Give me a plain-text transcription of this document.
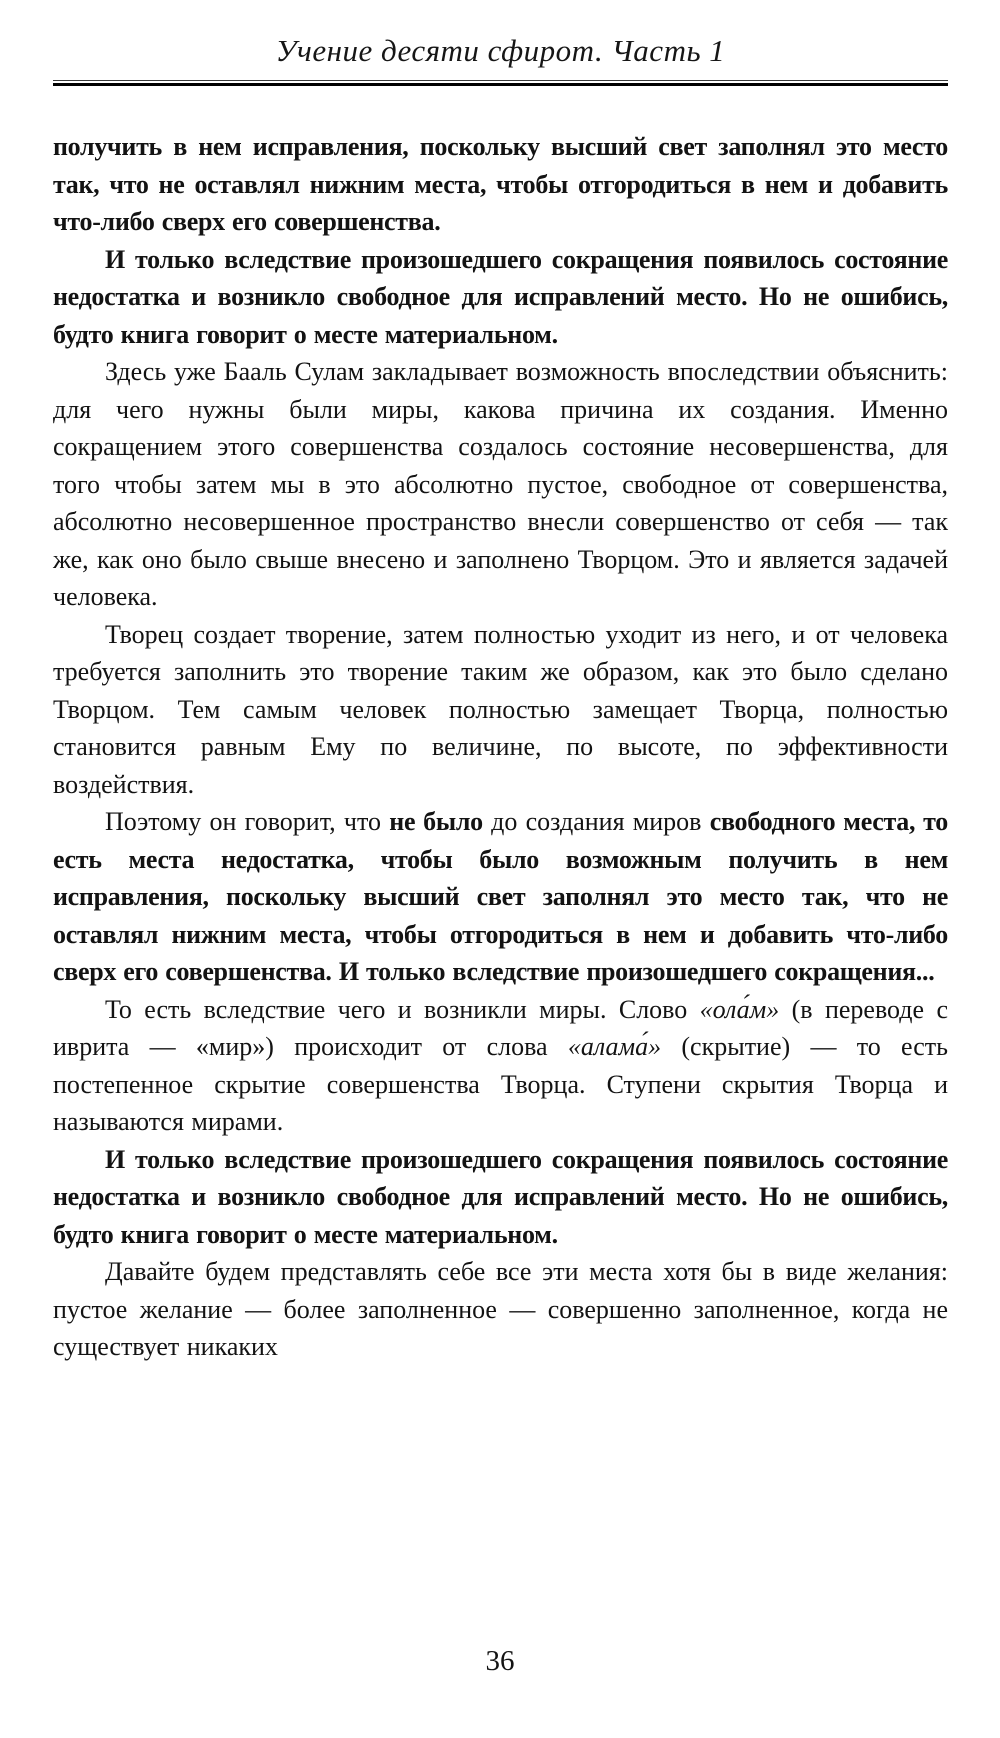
Учение десяти сфирот. Часть 1

получить в нем исправления, поскольку высший свет заполнял это место так, что не оставлял нижним места, чтобы отгородиться в нем и добавить что-либо сверх его совершенства.

И только вследствие произошедшего сокращения появилось состояние недостатка и возникло свободное для исправлений место. Но не ошибись, будто книга говорит о месте материальном.

Здесь уже Бааль Сулам закладывает возможность впоследствии объяснить: для чего нужны были миры, какова причина их создания. Именно сокращением этого совершенства создалось состояние несовершенства, для того чтобы затем мы в это абсолютно пустое, свободное от совершенства, абсолютно несовершенное пространство внесли совершенство от себя — так же, как оно было свыше внесено и заполнено Творцом. Это и является задачей человека.

Творец создает творение, затем полностью уходит из него, и от человека требуется заполнить это творение таким же образом, как это было сделано Творцом. Тем самым человек полностью замещает Творца, полностью становится равным Ему по величине, по высоте, по эффективности воздействия.

Поэтому он говорит, что не было до создания миров свободного места, то есть места недостатка, чтобы было возможным получить в нем исправления, поскольку высший свет заполнял это место так, что не оставлял нижним места, чтобы отгородиться в нем и добавить что-либо сверх его совершенства. И только вследствие произошедшего сокращения...

То есть вследствие чего и возникли миры. Слово «ола́м» (в переводе с иврита — «мир») происходит от слова «алама́» (скрытие) — то есть постепенное скрытие совершенства Творца. Ступени скрытия Творца и называются мирами.

И только вследствие произошедшего сокращения появилось состояние недостатка и возникло свободное для исправлений место. Но не ошибись, будто книга говорит о месте материальном.

Давайте будем представлять себе все эти места хотя бы в виде желания: пустое желание — более заполненное — совершенно заполненное, когда не существует никаких

36
